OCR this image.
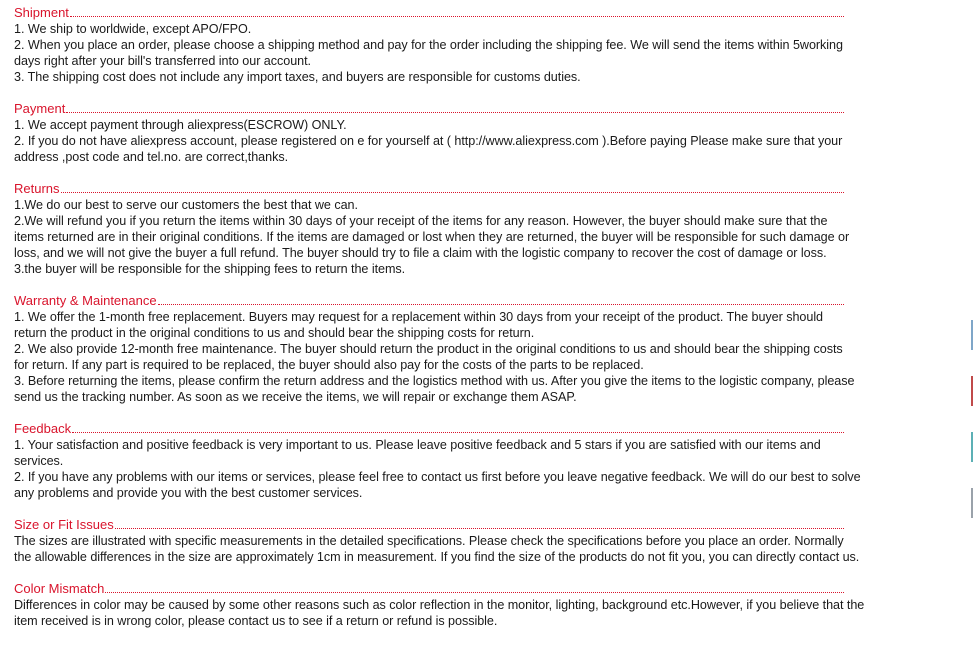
Shipment
1. We ship to worldwide, except APO/FPO.
2. When you place an order, please choose a shipping method and pay for the order including the shipping fee. We will send the items within 5working
days right after your bill's transferred into our account.
3. The shipping cost does not include any import taxes, and buyers are responsible for customs duties.
Payment
1. We accept payment through aliexpress(ESCROW) ONLY.
2. If you do not have aliexpress account, please registered on e for yourself at ( http://www.aliexpress.com ).Before paying Please make sure that your
address ,post code and tel.no. are correct,thanks.
Returns
1.We do our best to serve our customers the best that we can.
2.We will refund you if you return the items within 30 days of your receipt of the items for any reason. However, the buyer should make sure that the
items returned are in their original conditions. If the items are damaged or lost when they are returned, the buyer will be responsible for such damage or
loss, and we will not give the buyer a full refund. The buyer should try to file a claim with the logistic company to recover the cost of damage or loss.
3.the buyer will be responsible for the shipping fees to return the items.
Warranty & Maintenance
1. We offer the 1-month free replacement. Buyers may request for a replacement within 30 days from your receipt of the product. The buyer should
return the product in the original conditions to us and should bear the shipping costs for return.
2. We also provide 12-month free maintenance. The buyer should return the product in the original conditions to us and should bear the shipping costs
for return. If any part is required to be replaced, the buyer should also pay for the costs of the parts to be replaced.
3. Before returning the items, please confirm the return address and the logistics method with us. After you give the items to the logistic company, please
send us the tracking number. As soon as we receive the items, we will repair or exchange them ASAP.
Feedback
1. Your satisfaction and positive feedback is very important to us. Please leave positive feedback and 5 stars if you are satisfied with our items and
services.
2. If you have any problems with our items or services, please feel free to contact us first before you leave negative feedback. We will do our best to solve
any problems and provide you with the best customer services.
Size or Fit Issues
The sizes are illustrated with specific measurements in the detailed specifications. Please check the specifications before you place an order. Normally
the allowable differences in the size are approximately 1cm in measurement. If you find the size of the products do not fit you, you can directly contact us.
Color Mismatch
Differences in color may be caused by some other reasons such as color reflection in the monitor, lighting, background etc.However, if you believe that the
item received is in wrong color, please contact us to see if a return or refund is possible.
